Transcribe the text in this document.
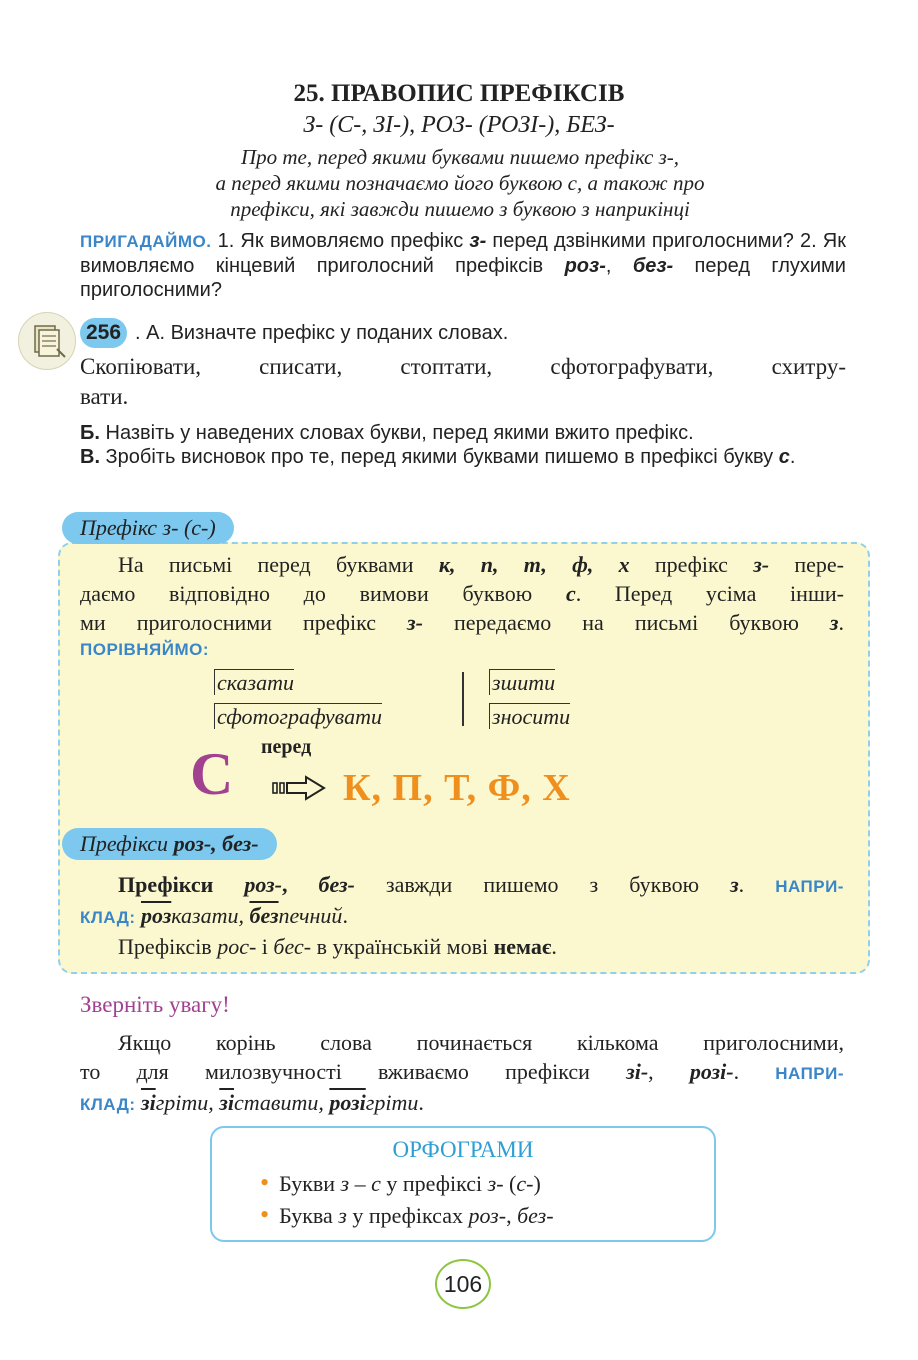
25. ПРАВОПИС ПРЕФІКСІВ
З- (С-, ЗІ-), РОЗ- (РОЗІ-), БЕЗ-
Про те, перед якими буквами пишемо префікс з-,
а перед якими позначаємо його буквою с, а також про
префікси, які завжди пишемо з буквою з наприкінці
ПРИГАДАЙМО. 1. Як вимовляємо префікс з- перед дзвінкими приголосними? 2. Як вимовляємо кінцевий приголосний префіксів роз-, без- перед глухими приголосними?
256 . А. Визначте префікс у поданих словах.
Скопіювати, списати, стоптати, сфотографувати, схитру-
вати.
Б. Назвіть у наведених словах букви, перед якими вжито префікс.
В. Зробіть висновок про те, перед якими буквами пишемо в префіксі букву с.
Префікс з- (с-)
На письмі перед буквами к, п, т, ф, х префікс з- пере-
даємо відповідно до вимови буквою с. Перед усіма інши-
ми приголосними префікс з- передаємо на письмі буквою з.
ПОРІВНЯЙМО:
сказати
сфотографувати
зшити
зносити
С перед
К, П, Т, Ф, Х
Префікси роз-, без-
Префікси роз-, без- завжди пишемо з буквою з. НАПРИ-
КЛАД: розказати, безпечний.
Префіксів рос- і бес- в українській мові немає.
Зверніть увагу!
Якщо корінь слова починається кількома приголосними,
то для милозвучності вживаємо префікси зі-, розі-. НАПРИ-
КЛАД: зігрiти, зіставити, розігрiти.
ОРФОГРАМИ
• Букви з – с у префіксі з- (с-)
• Буква з у префіксах роз-, без-
106
